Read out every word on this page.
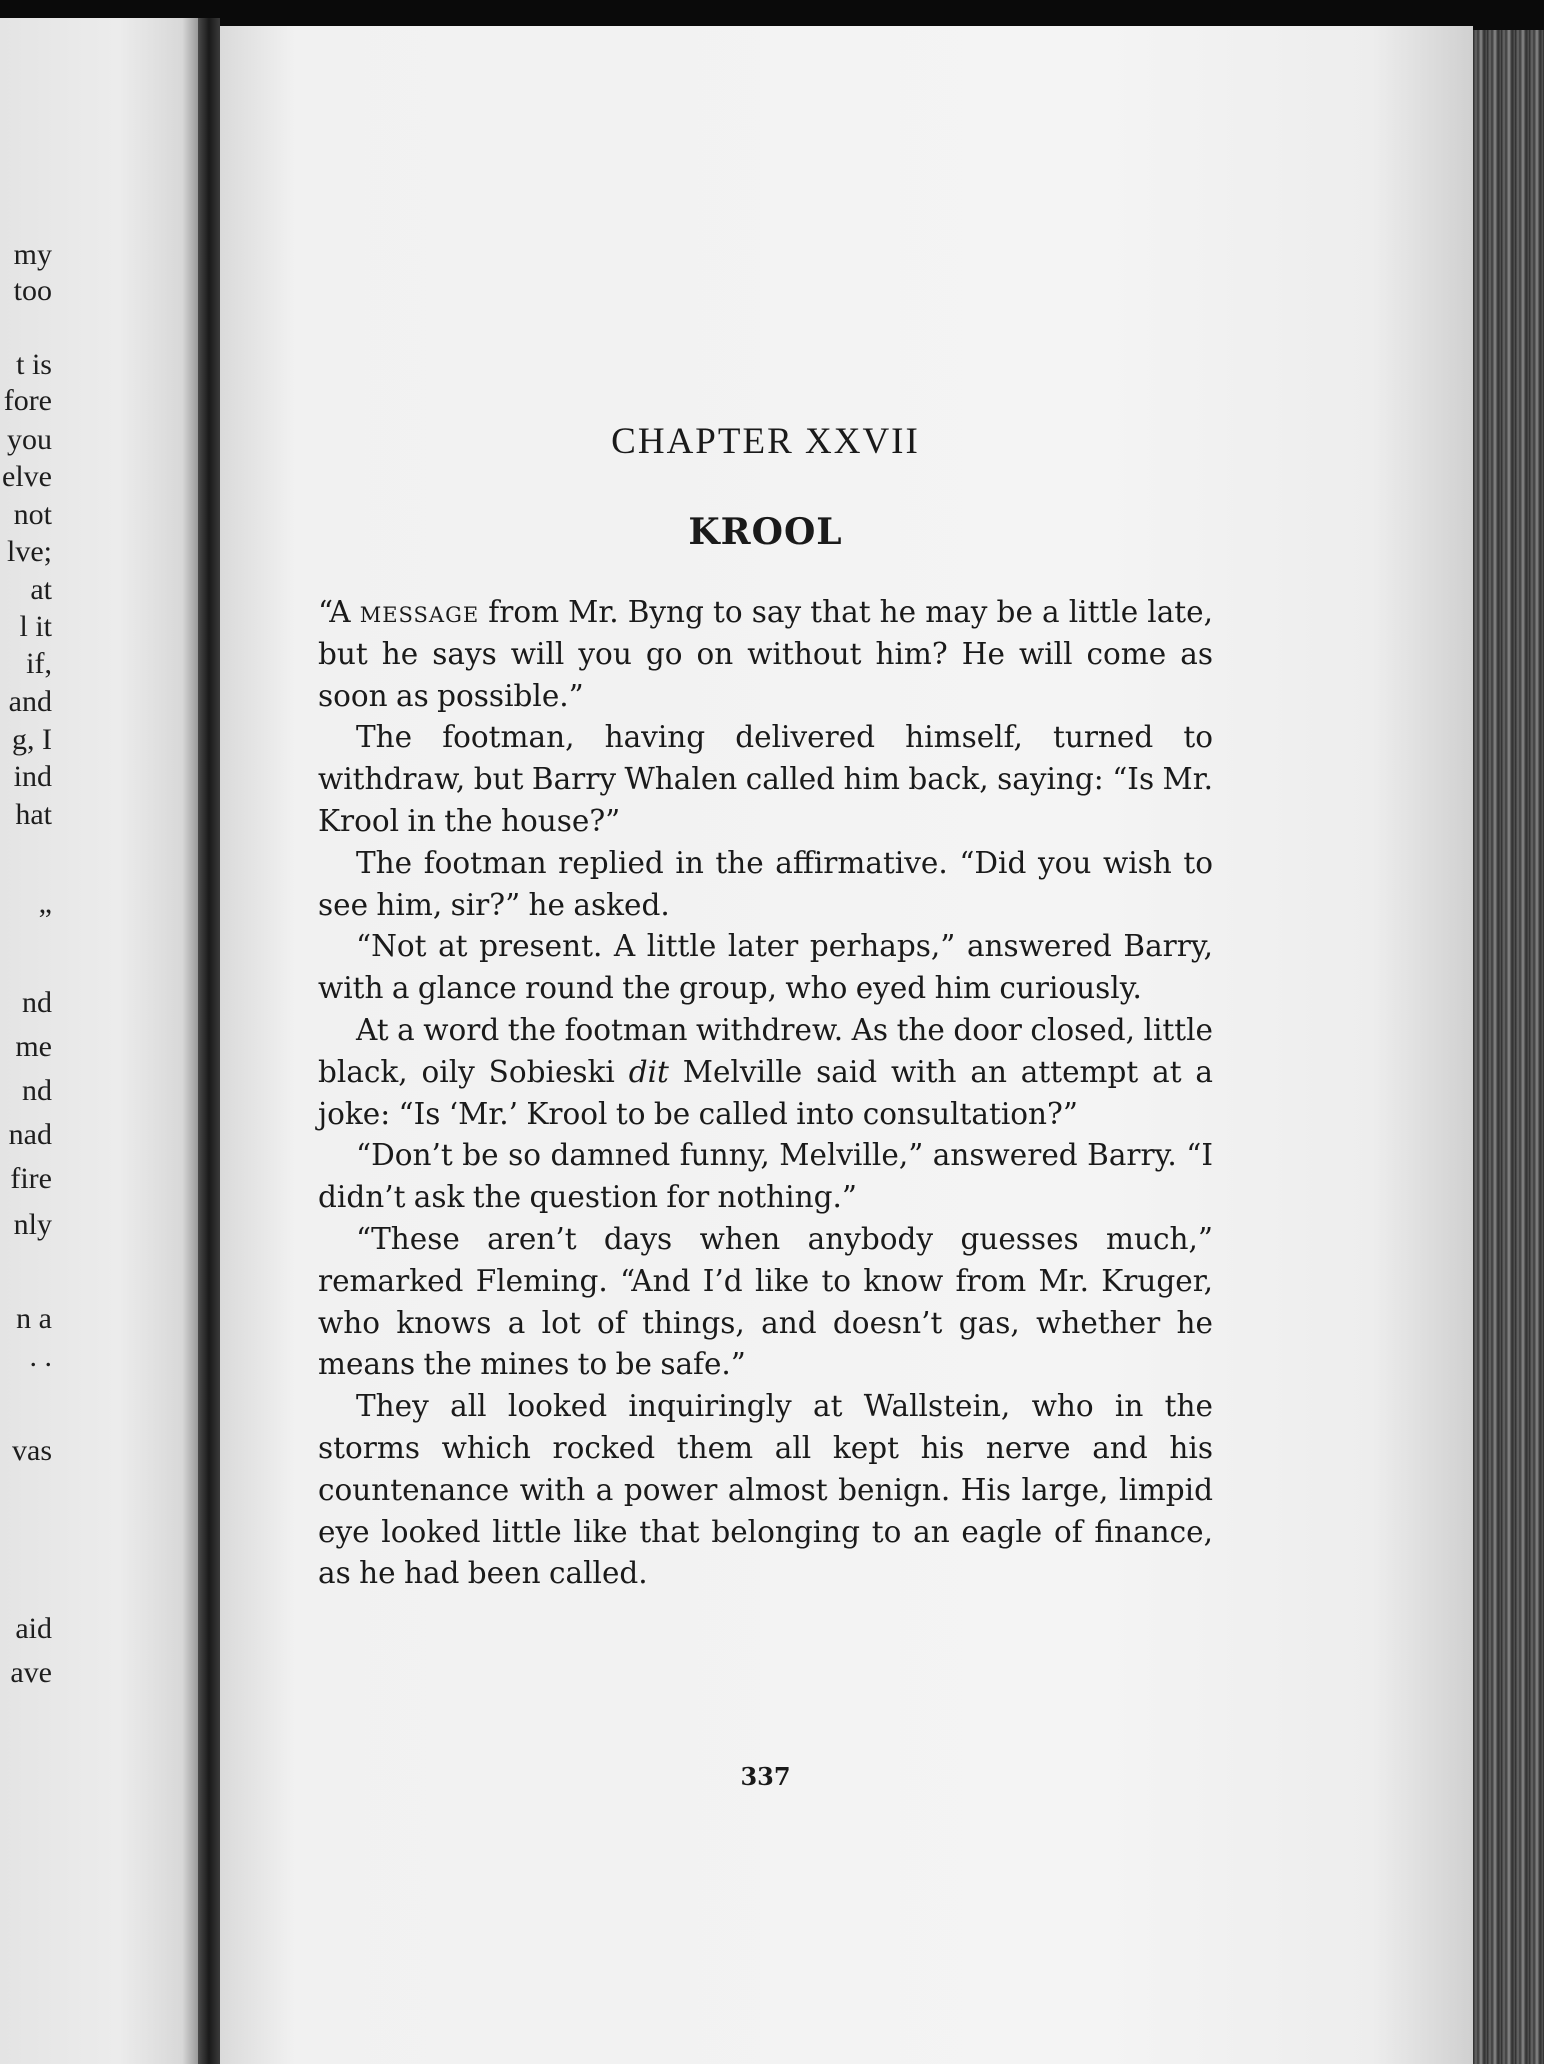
my
too
t is
fore
you
elve
not
lve;
at
l it
if,
and
g, I
ind
hat
”
nd
me
nd
nad
fire
nly
n a
. .
vas
aid
ave
CHAPTER XXVII
KROOL

“A message from Mr. Byng to say that he may be a little late, but he says will you go on without him? He will come as soon as possible.”

The footman, having delivered himself, turned to withdraw, but Barry Whalen called him back, saying: “Is Mr. Krool in the house?”

The footman replied in the affirmative. “Did you wish to see him, sir?” he asked.

“Not at present. A little later perhaps,” answered Barry, with a glance round the group, who eyed him curiously.

At a word the footman withdrew. As the door closed, little black, oily Sobieski dit Melville said with an attempt at a joke: “Is ‘Mr.’ Krool to be called into consultation?”

“Don’t be so damned funny, Melville,” answered Barry. “I didn’t ask the question for nothing.”

“These aren’t days when anybody guesses much,” remarked Fleming. “And I’d like to know from Mr. Kruger, who knows a lot of things, and doesn’t gas, whether he means the mines to be safe.”

They all looked inquiringly at Wallstein, who in the storms which rocked them all kept his nerve and his countenance with a power almost benign. His large, limpid eye looked little like that belonging to an eagle of finance, as he had been called.

337
